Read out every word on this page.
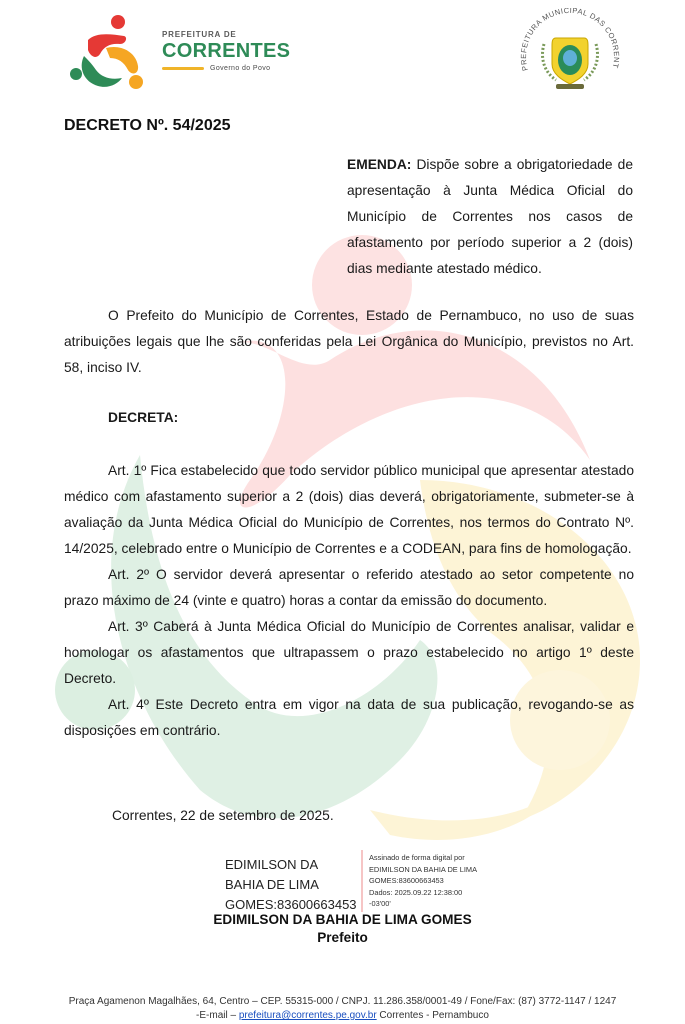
PREFEITURA DE
CORRENTES
Governo do Povo	PREFEITURA MUNICIPAL DAS CORRENT
DECRETO Nº. 54/2025
EMENDA: Dispõe sobre a obrigatoriedade de apresentação à Junta Médica Oficial do Município de Correntes nos casos de afastamento por período superior a 2 (dois) dias mediante atestado médico.
O Prefeito do Município de Correntes, Estado de Pernambuco, no uso de suas atribuições legais que lhe são conferidas pela Lei Orgânica do Município, previstos no Art. 58, inciso IV.
DECRETA:

Art. 1º Fica estabelecido que todo servidor público municipal que apresentar atestado médico com afastamento superior a 2 (dois) dias deverá, obrigatoriamente, submeter-se à avaliação da Junta Médica Oficial do Município de Correntes, nos termos do Contrato Nº. 14/2025, celebrado entre o Município de Correntes e a CODEAN, para fins de homologação.

Art. 2º O servidor deverá apresentar o referido atestado ao setor competente no prazo máximo de 24 (vinte e quatro) horas a contar da emissão do documento.

Art. 3º Caberá à Junta Médica Oficial do Município de Correntes analisar, validar e homologar os afastamentos que ultrapassem o prazo estabelecido no artigo 1º deste Decreto.

Art. 4º Este Decreto entra em vigor na data de sua publicação, revogando-se as disposições em contrário.

Correntes, 22 de setembro de 2025.
EDIMILSON DA
BAHIA DE LIMA
GOMES:83600663453
Assinado de forma digital por
EDIMILSON DA BAHIA DE LIMA
GOMES:83600663453
Dados: 2025.09.22 12:38:00
-03'00'
EDIMILSON DA BAHIA DE LIMA GOMES
Prefeito
Praça Agamenon Magalhães, 64, Centro – CEP. 55315-000 / CNPJ. 11.286.358/0001-49 / Fone/Fax: (87) 3772-1147 / 1247
-E-mail – prefeitura@correntes.pe.gov.br Correntes - Pernambuco
